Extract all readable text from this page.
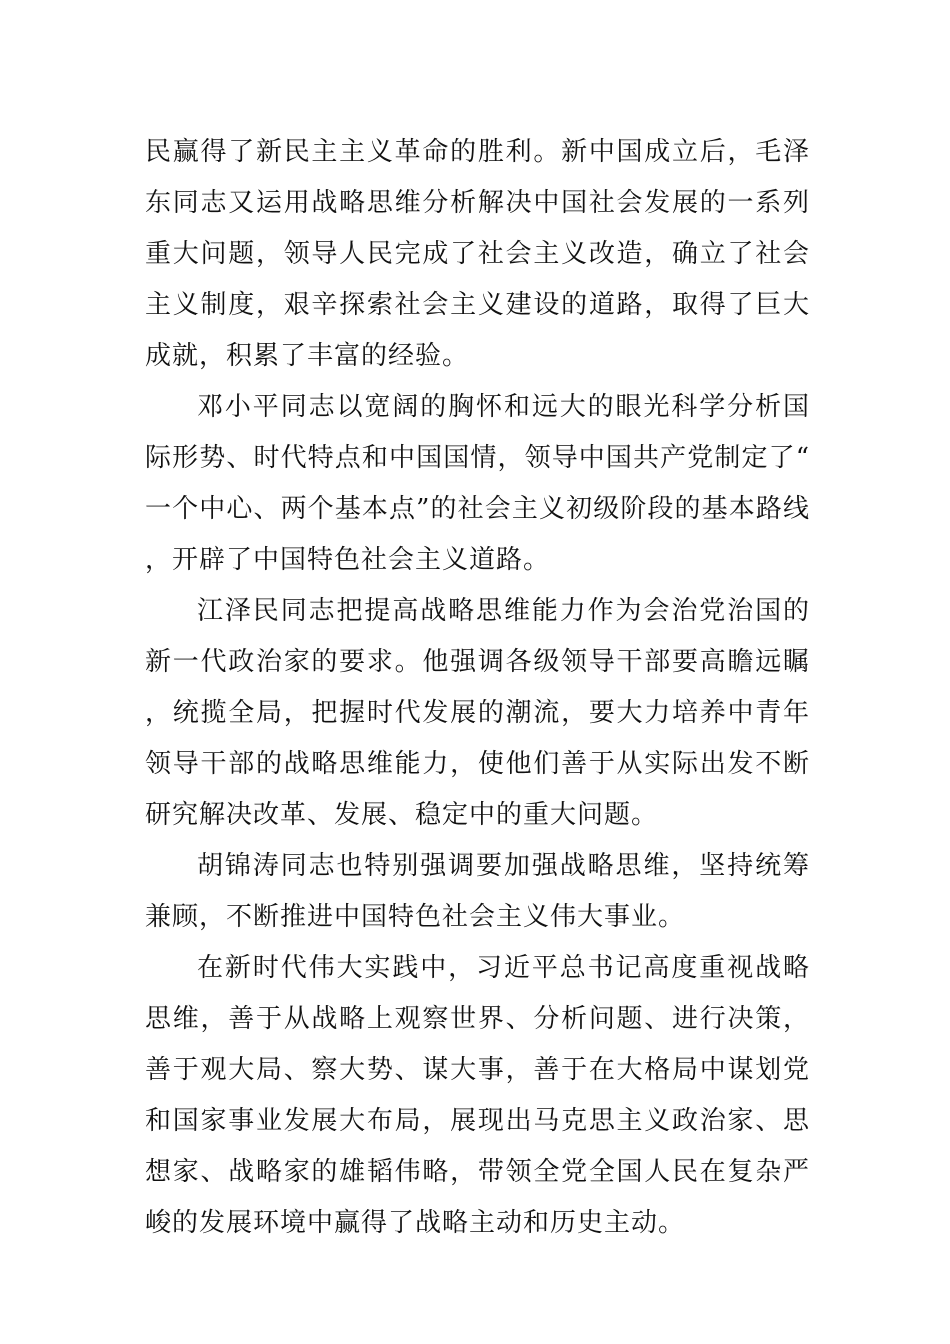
民赢得了新民主主义革命的胜利。新中国成立后，毛泽东同志又运用战略思维分析解决中国社会发展的一系列重大问题，领导人民完成了社会主义改造，确立了社会主义制度，艰辛探索社会主义建设的道路，取得了巨大成就，积累了丰富的经验。

邓小平同志以宽阔的胸怀和远大的眼光科学分析国际形势、时代特点和中国国情，领导中国共产党制定了“一个中心、两个基本点”的社会主义初级阶段的基本路线，开辟了中国特色社会主义道路。

江泽民同志把提高战略思维能力作为会治党治国的新一代政治家的要求。他强调各级领导干部要高瞻远瞩，统揽全局，把握时代发展的潮流，要大力培养中青年领导干部的战略思维能力，使他们善于从实际出发不断研究解决改革、发展、稳定中的重大问题。

胡锦涛同志也特别强调要加强战略思维，坚持统筹兼顾，不断推进中国特色社会主义伟大事业。

在新时代伟大实践中，习近平总书记高度重视战略思维，善于从战略上观察世界、分析问题、进行决策，善于观大局、察大势、谋大事，善于在大格局中谋划党和国家事业发展大布局，展现出马克思主义政治家、思想家、战略家的雄韬伟略，带领全党全国人民在复杂严峻的发展环境中赢得了战略主动和历史主动。
